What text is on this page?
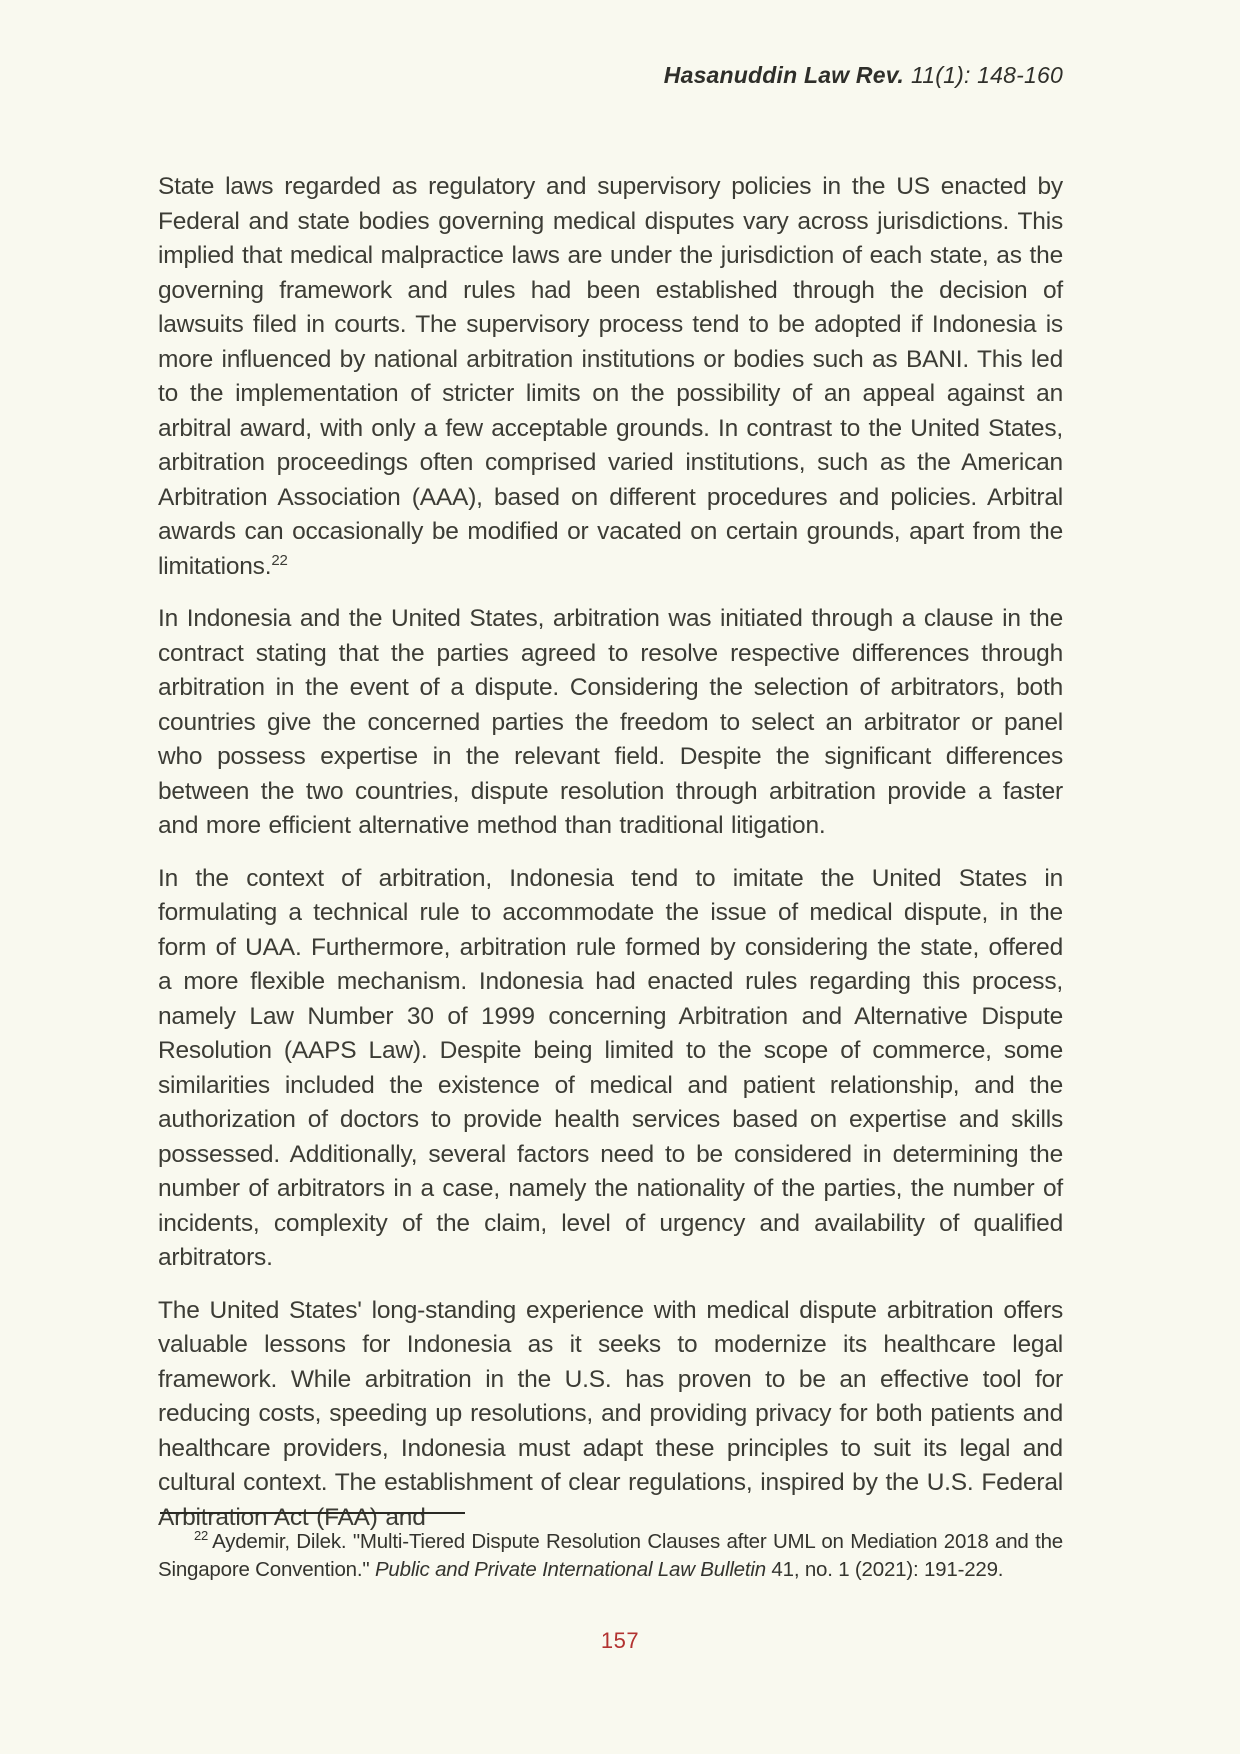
Hasanuddin Law Rev. 11(1): 148-160

State laws regarded as regulatory and supervisory policies in the US enacted by Federal and state bodies governing medical disputes vary across jurisdictions. This implied that medical malpractice laws are under the jurisdiction of each state, as the governing framework and rules had been established through the decision of lawsuits filed in courts. The supervisory process tend to be adopted if Indonesia is more influenced by national arbitration institutions or bodies such as BANI. This led to the implementation of stricter limits on the possibility of an appeal against an arbitral award, with only a few acceptable grounds. In contrast to the United States, arbitration proceedings often comprised varied institutions, such as the American Arbitration Association (AAA), based on different procedures and policies. Arbitral awards can occasionally be modified or vacated on certain grounds, apart from the limitations.$^{22}$

In Indonesia and the United States, arbitration was initiated through a clause in the contract stating that the parties agreed to resolve respective differences through arbitration in the event of a dispute. Considering the selection of arbitrators, both countries give the concerned parties the freedom to select an arbitrator or panel who possess expertise in the relevant field. Despite the significant differences between the two countries, dispute resolution through arbitration provide a faster and more efficient alternative method than traditional litigation.

In the context of arbitration, Indonesia tend to imitate the United States in formulating a technical rule to accommodate the issue of medical dispute, in the form of UAA. Furthermore, arbitration rule formed by considering the state, offered a more flexible mechanism. Indonesia had enacted rules regarding this process, namely Law Number 30 of 1999 concerning Arbitration and Alternative Dispute Resolution (AAPS Law). Despite being limited to the scope of commerce, some similarities included the existence of medical and patient relationship, and the authorization of doctors to provide health services based on expertise and skills possessed. Additionally, several factors need to be considered in determining the number of arbitrators in a case, namely the nationality of the parties, the number of incidents, complexity of the claim, level of urgency and availability of qualified arbitrators.

The United States' long-standing experience with medical dispute arbitration offers valuable lessons for Indonesia as it seeks to modernize its healthcare legal framework. While arbitration in the U.S. has proven to be an effective tool for reducing costs, speeding up resolutions, and providing privacy for both patients and healthcare providers, Indonesia must adapt these principles to suit its legal and cultural context. The establishment of clear regulations, inspired by the U.S. Federal Arbitration Act (FAA) and

$^{22}$ Aydemir, Dilek. "Multi-Tiered Dispute Resolution Clauses after UML on Mediation 2018 and the Singapore Convention." Public and Private International Law Bulletin 41, no. 1 (2021): 191-229.

157
